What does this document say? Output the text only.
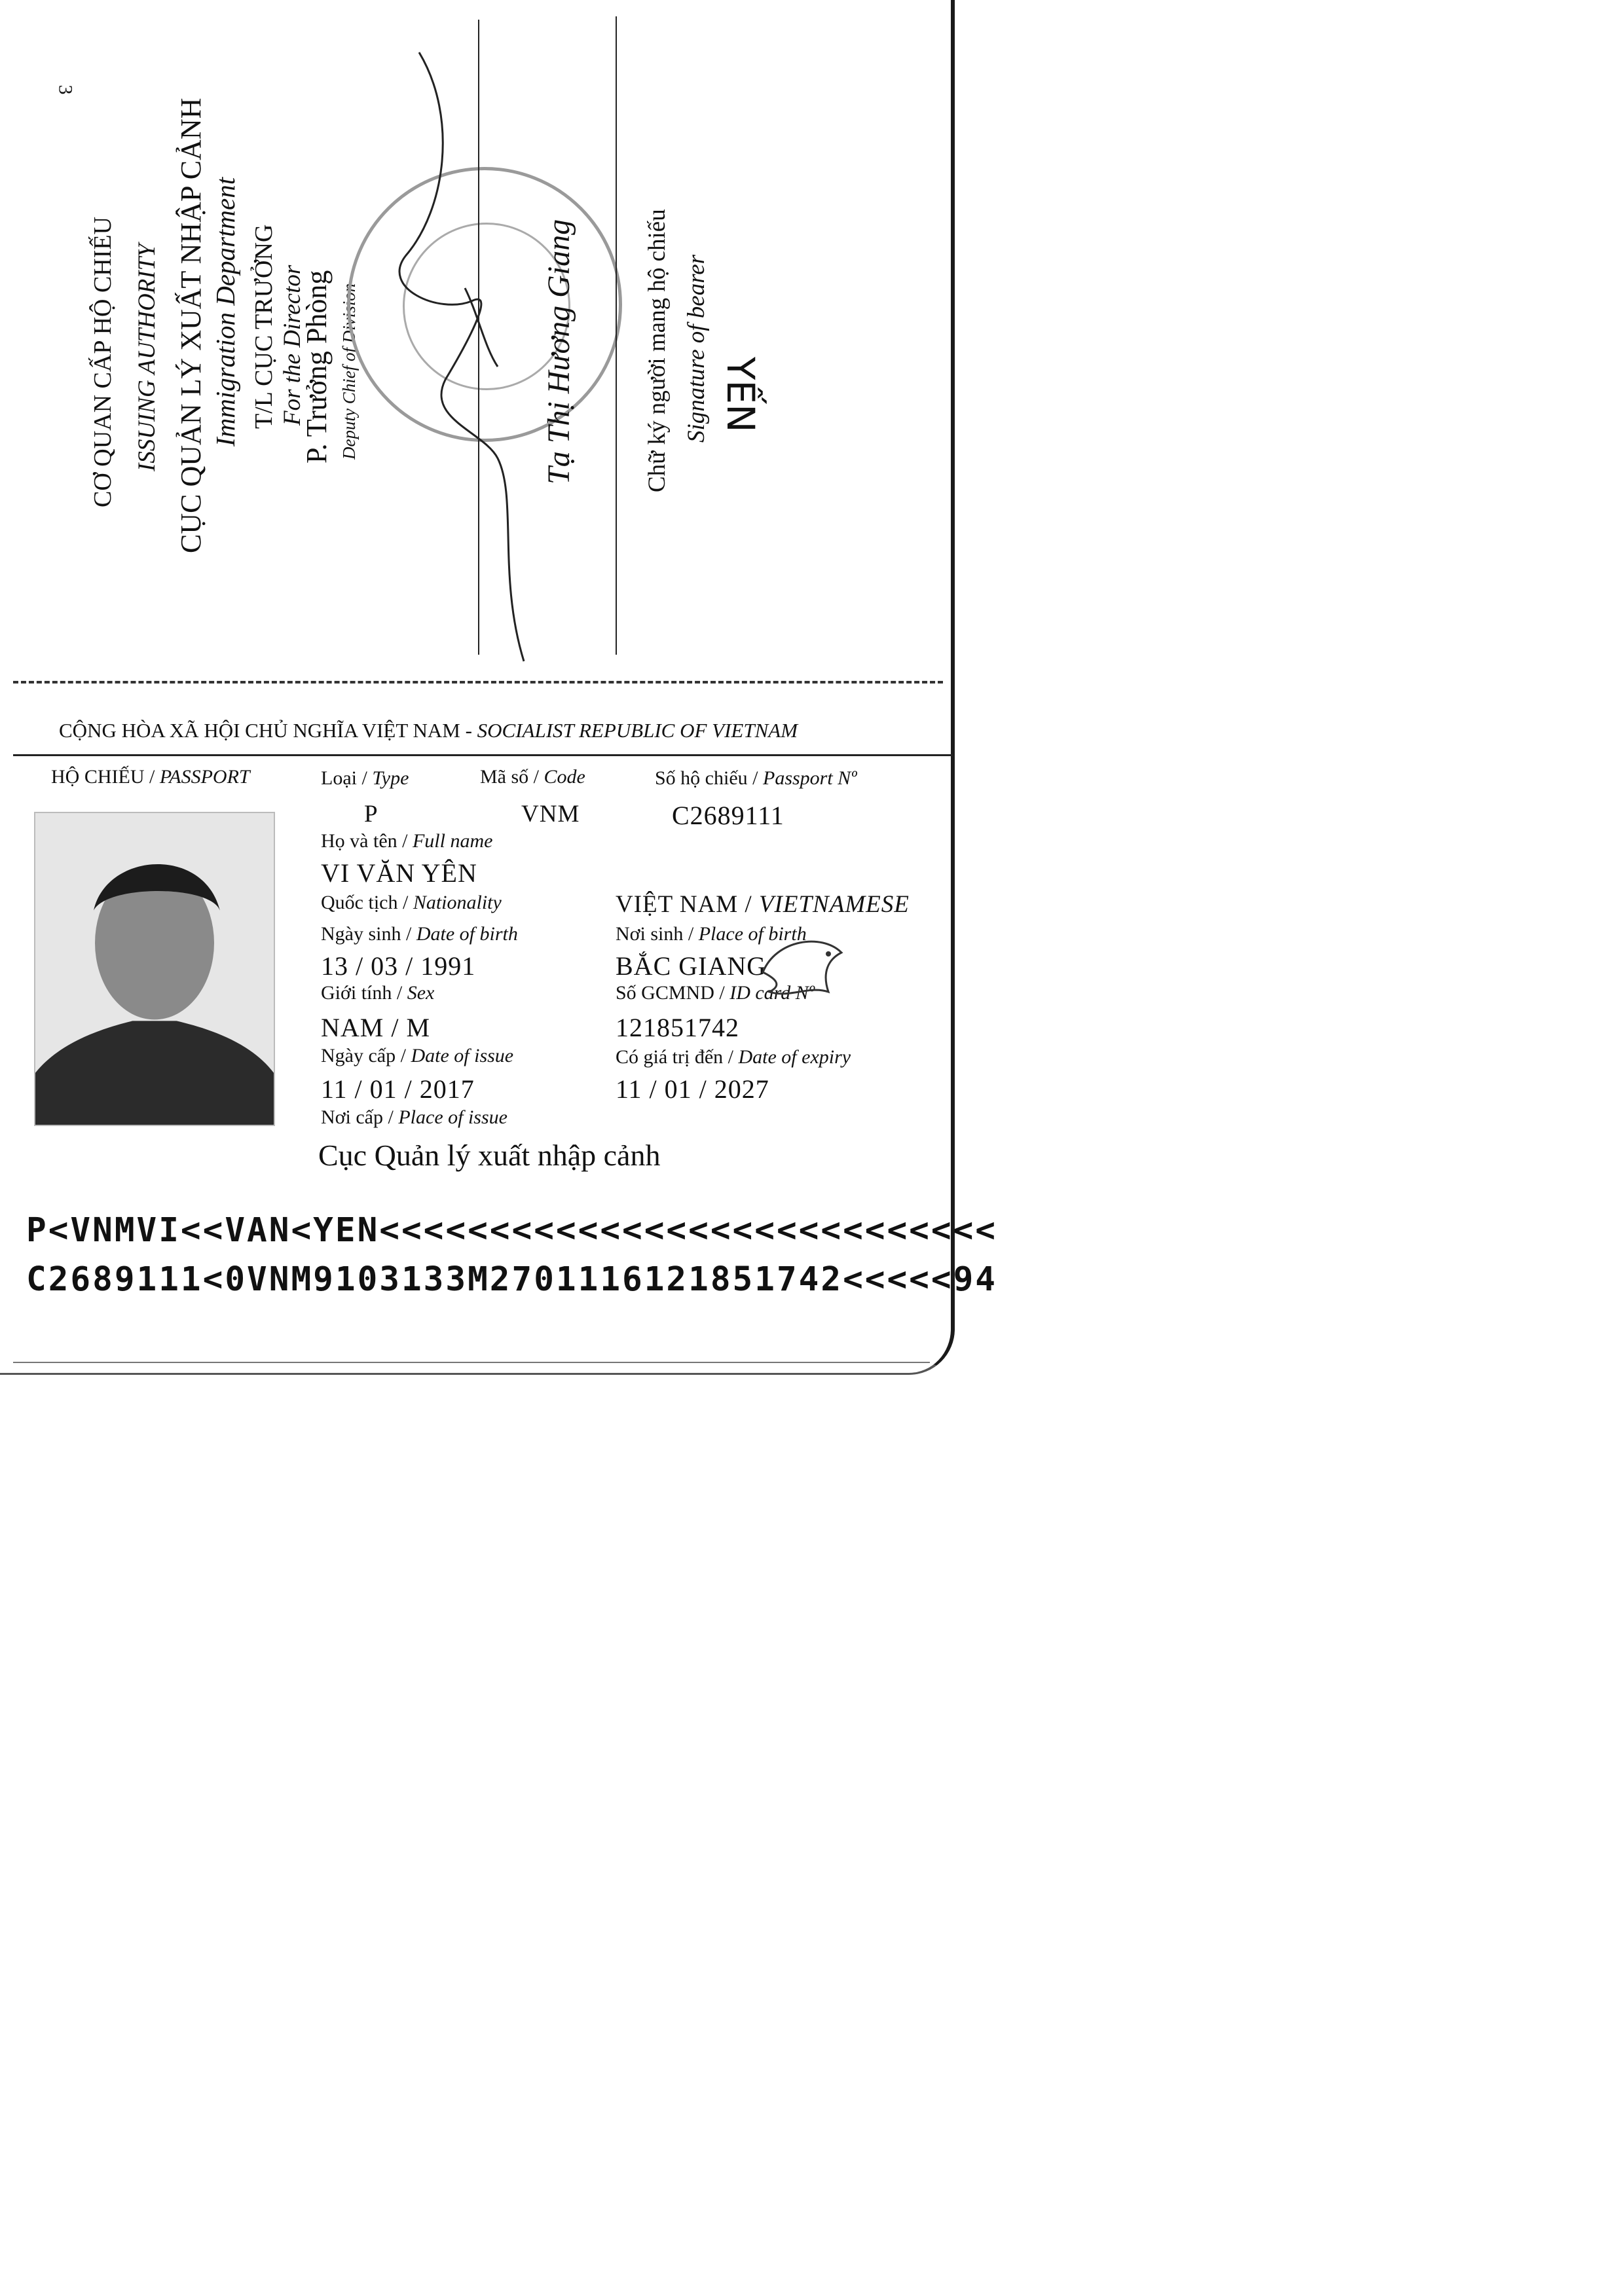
3
CƠ QUAN CẤP HỘ CHIẾU ISSUING AUTHORITY CỤC QUẢN LÝ XUẤT NHẬP CẢNH Immigration Department T/L CỤC TRƯỞNG For the Director
P. Trưởng Phòng Deputy Chief of Division	Tạ Thị Hương Giang	Chữ ký người mang hộ chiếu Signature of bearer YẾN
CỘNG HÒA XÃ HỘI CHỦ NGHĨA VIỆT NAM - SOCIALIST REPUBLIC OF VIETNAM
HỘ CHIẾU / PASSPORT	Loại / Type	Mã số / Code	Số hộ chiếu / Passport Nº
P	VNM	C2689111
Họ và tên / Full name
VI VĂN YÊN
Quốc tịch / Nationality	VIỆT NAM / VIETNAMESE
Ngày sinh / Date of birth	Nơi sinh / Place of birth
13 / 03 / 1991	BẮC GIANG
Giới tính / Sex	Số GCMND / ID card Nº
NAM / M	121851742
Ngày cấp / Date of issue	Có giá trị đến / Date of expiry
11 / 01 / 2017	11 / 01 / 2027
Nơi cấp / Place of issue
Cục Quản lý xuất nhập cảnh
P<VNMVI<<VAN<YEN<<<<<<<<<<<<<<<<<<<<<<<<<<<<
C2689111<0VNM9103133M2701116121851742<<<<<94
